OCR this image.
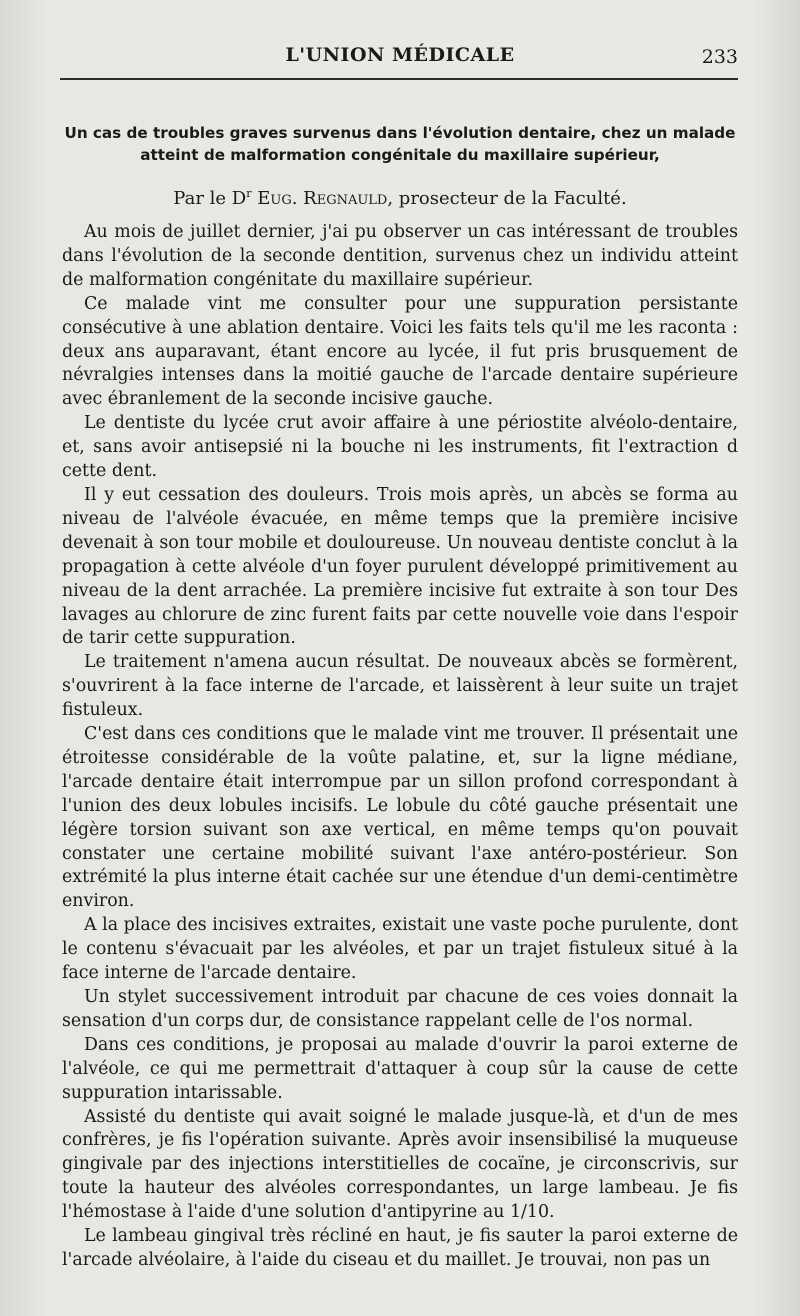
L'UNION MÉDICALE	233
Un cas de troubles graves survenus dans l'évolution dentaire, chez un malade
atteint de malformation congénitale du maxillaire supérieur,
Par le $D^r$ Eug. Regnauld, prosecteur de la Faculté.

Au mois de juillet dernier, j'ai pu observer un cas intéressant de troubles dans l'évolution de la seconde dentition, survenus chez un individu atteint de malformation congénitate du maxillaire supérieur.

Ce malade vint me consulter pour une suppuration persistante consécutive à une ablation dentaire. Voici les faits tels qu'il me les raconta : deux ans auparavant, étant encore au lycée, il fut pris brusquement de névralgies intenses dans la moitié gauche de l'arcade dentaire supérieure avec ébranlement de la seconde incisive gauche.

Le dentiste du lycée crut avoir affaire à une périostite alvéolo-dentaire, et, sans avoir antisepsié ni la bouche ni les instruments, fit l'extraction d cette dent.

Il y eut cessation des douleurs. Trois mois après, un abcès se forma au niveau de l'alvéole évacuée, en même temps que la première incisive devenait à son tour mobile et douloureuse. Un nouveau dentiste conclut à la propagation à cette alvéole d'un foyer purulent développé primitivement au niveau de la dent arrachée. La première incisive fut extraite à son tour Des lavages au chlorure de zinc furent faits par cette nouvelle voie dans l'espoir de tarir cette suppuration.

Le traitement n'amena aucun résultat. De nouveaux abcès se formèrent, s'ouvrirent à la face interne de l'arcade, et laissèrent à leur suite un trajet fistuleux.

C'est dans ces conditions que le malade vint me trouver. Il présentait une étroitesse considérable de la voûte palatine, et, sur la ligne médiane, l'arcade dentaire était interrompue par un sillon profond correspondant à l'union des deux lobules incisifs. Le lobule du côté gauche présentait une légère torsion suivant son axe vertical, en même temps qu'on pouvait constater une certaine mobilité suivant l'axe antéro-postérieur. Son extrémité la plus interne était cachée sur une étendue d'un demi-centimètre environ.

A la place des incisives extraites, existait une vaste poche purulente, dont le contenu s'évacuait par les alvéoles, et par un trajet fistuleux situé à la face interne de l'arcade dentaire.

Un stylet successivement introduit par chacune de ces voies donnait la sensation d'un corps dur, de consistance rappelant celle de l'os normal.

Dans ces conditions, je proposai au malade d'ouvrir la paroi externe de l'alvéole, ce qui me permettrait d'attaquer à coup sûr la cause de cette suppuration intarissable.

Assisté du dentiste qui avait soigné le malade jusque-là, et d'un de mes confrères, je fis l'opération suivante. Après avoir insensibilisé la muqueuse gingivale par des injections interstitielles de cocaïne, je circonscrivis, sur toute la hauteur des alvéoles correspondantes, un large lambeau. Je fis l'hémostase à l'aide d'une solution d'antipyrine au 1/10.

Le lambeau gingival très récliné en haut, je fis sauter la paroi externe de l'arcade alvéolaire, à l'aide du ciseau et du maillet. Je trouvai, non pas un
